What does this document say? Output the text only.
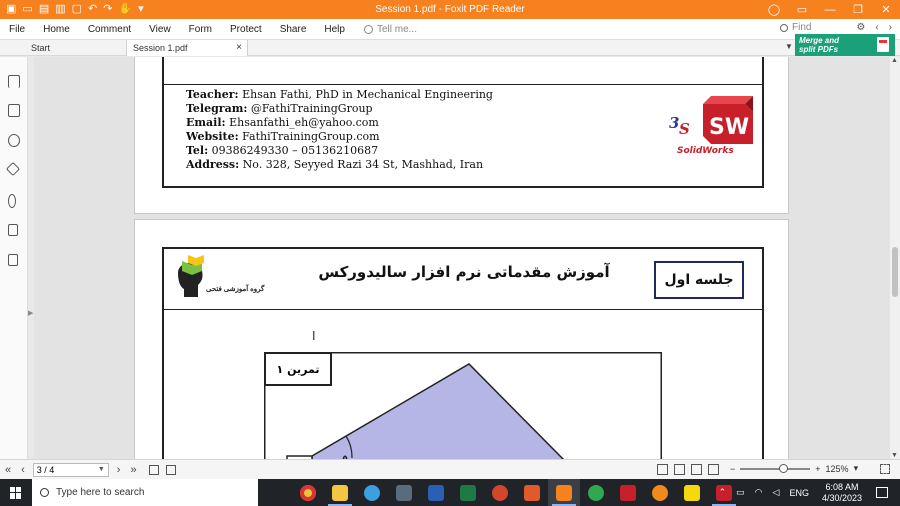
▣ ▭ ▤ ▥ ▢ ↶ ↷ ✋ ▾	Session 1.pdf - Foxit PDF Reader	◯	▭	—	❐	✕
File	Home	Comment	View	Form	Protect	Share	Help	Tell me...	Find	⚙ ‹ ›
Start	Session 1.pdf	×	▼
Merge and
split PDFs
▶
Teacher: Ehsan Fathi, PhD in Mechanical Engineering
Telegram: @FathiTrainingGroup
Email: Ehsanfathi_eh@yahoo.com
Website: FathiTrainingGroup.com
Tel: 09386249330 – 05136210687
Address: No. 328, Seyyed Razi 34 St, Mashhad, Iran
SW
3 S
SolidWorks
جلسه اول
آموزش مقدماتی نرم افزار سالیدورکس
گروه آموزشی فتحی
تمرین ۱
I
▲
▼
« ‹	3 / 4	▼	› »	−	+ 125% ▾
Type here to search	⌃ ▭ ◠ ◁ ENG
6:08 AM
4/30/2023
